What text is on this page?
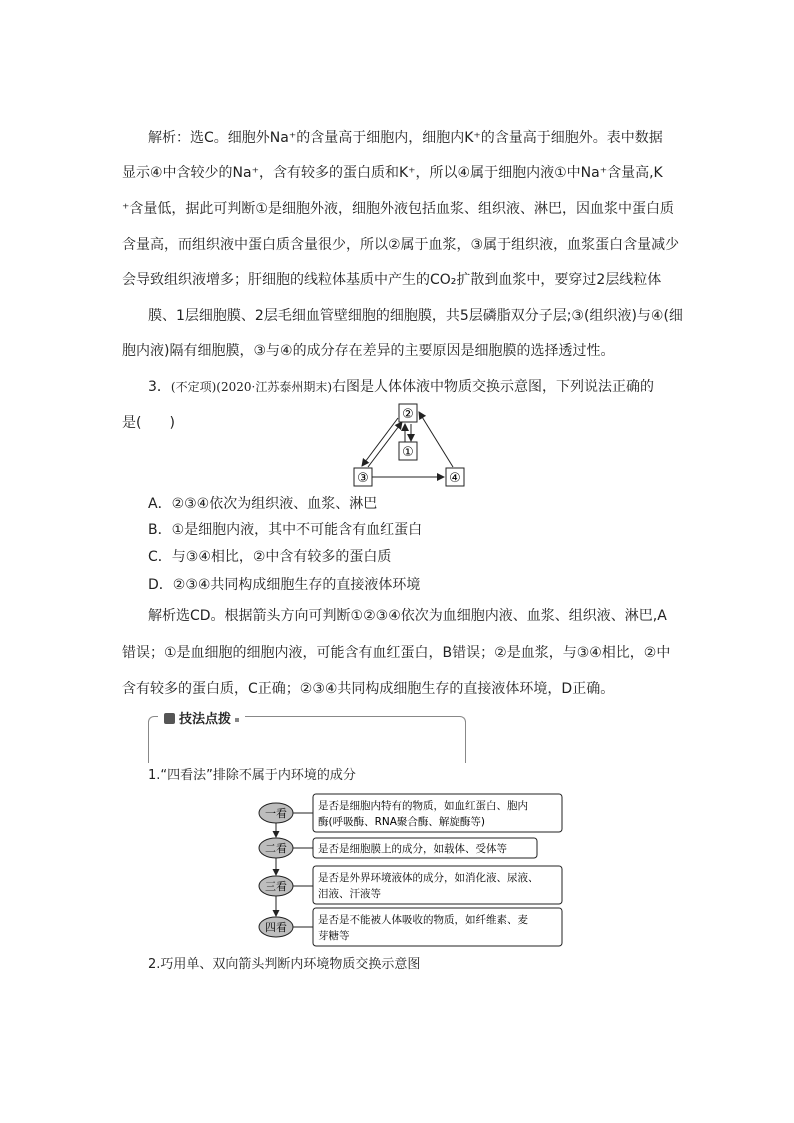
解析：选C。细胞外Na⁺的含量高于细胞内，细胞内K⁺的含量高于细胞外。表中数据
显示④中含较少的Na⁺，含有较多的蛋白质和K⁺，所以④属于细胞内液①中Na⁺含量高,K
⁺含量低，据此可判断①是细胞外液，细胞外液包括血浆、组织液、淋巴，因血浆中蛋白质
含量高，而组织液中蛋白质含量很少，所以②属于血浆，③属于组织液，血浆蛋白含量减少
会导致组织液增多；肝细胞的线粒体基质中产生的CO₂扩散到血浆中，要穿过2层线粒体
膜、1层细胞膜、2层毛细血管壁细胞的细胞膜，共5层磷脂双分子层;③(组织液)与④(细
胞内液)隔有细胞膜，③与④的成分存在差异的主要原因是细胞膜的选择透过性。
3．(不定项)(2020·江苏泰州期末)右图是人体体液中物质交换示意图，下列说法正确的
是(　　)
②
①
③	④
A．②③④依次为组织液、血浆、淋巴
B．①是细胞内液，其中不可能含有血红蛋白
C．与③④相比，②中含有较多的蛋白质
D．②③④共同构成细胞生存的直接液体环境
解析选CD。根据箭头方向可判断①②③④依次为血细胞内液、血浆、组织液、淋巴,A
错误；①是血细胞的细胞内液，可能含有血红蛋白，B错误；②是血浆，与③④相比，②中
含有较多的蛋白质，C正确；②③④共同构成细胞生存的直接液体环境，D正确。
技法点拨
1.“四看法”排除不属于内环境的成分
一看
二看
三看
四看
是否是细胞内特有的物质，如血红蛋白、胞内
酶(呼吸酶、RNA聚合酶、解旋酶等)
是否是细胞膜上的成分，如载体、受体等
是否是外界环境液体的成分，如消化液、尿液、
泪液、汗液等
是否是不能被人体吸收的物质，如纤维素、麦
芽糖等
2.巧用单、双向箭头判断内环境物质交换示意图
